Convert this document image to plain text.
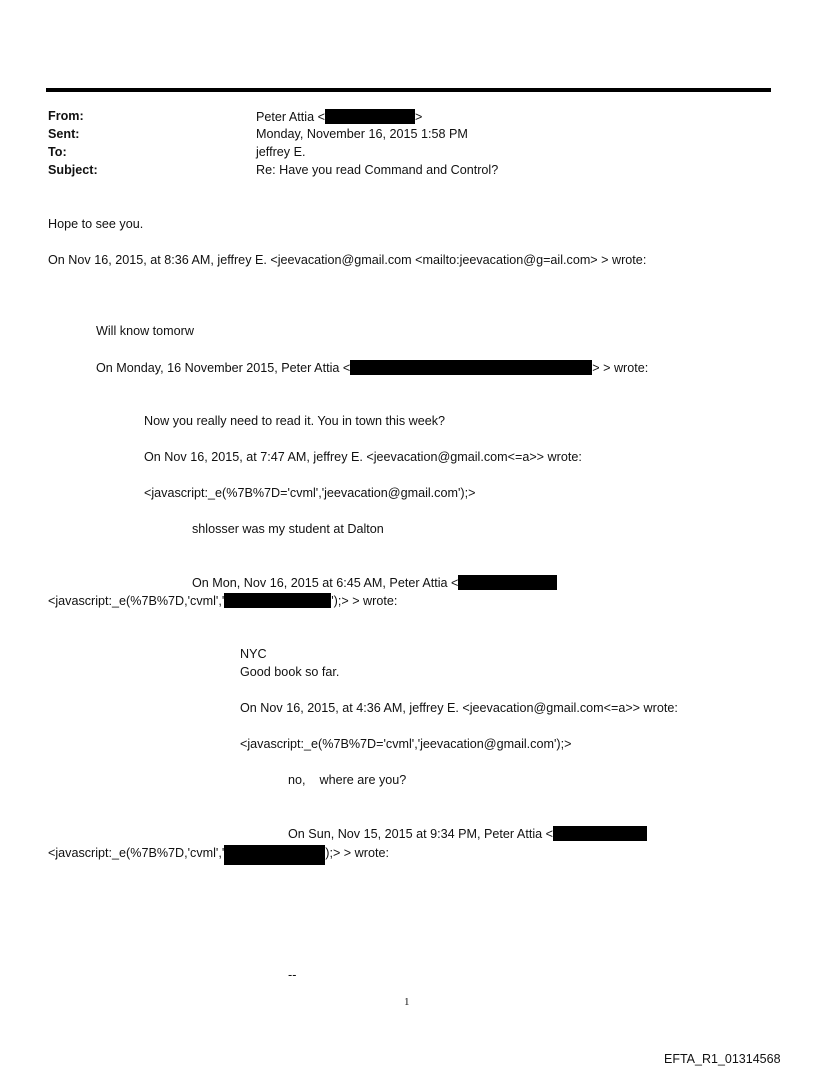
From:	Peter Attia <	>
Sent:	Monday, November 16, 2015 1:58 PM
To:	jeffrey E.
Subject:	Re: Have you read Command and Control?
Hope to see you.
On Nov 16, 2015, at 8:36 AM, jeffrey E. <jeevacation@gmail.com <mailto:jeevacation@g=ail.com> > wrote:
Will know tomorw
On Monday, 16 November 2015, Peter Attia <	> > wrote:
Now you really need to read it. You in town this week?
On Nov 16, 2015, at 7:47 AM, jeffrey E. <jeevacation@gmail.com<=a>> wrote:
<javascript:_e(%7B%7D='cvml','jeevacation@gmail.com');>
shlosser was my student at Dalton
On Mon, Nov 16, 2015 at 6:45 AM, Peter Attia <
<javascript:_e(%7B%7D,'cvml','	');> > wrote:
NYC
Good book so far.
On Nov 16, 2015, at 4:36 AM, jeffrey E. <jeevacation@gmail.com<=a>> wrote:
<javascript:_e(%7B%7D='cvml','jeevacation@gmail.com');>
no,    where are you?
On Sun, Nov 15, 2015 at 9:34 PM, Peter Attia <
<javascript:_e(%7B%7D,'cvml','	);> > wrote:
--
1
EFTA_R1_01314568
